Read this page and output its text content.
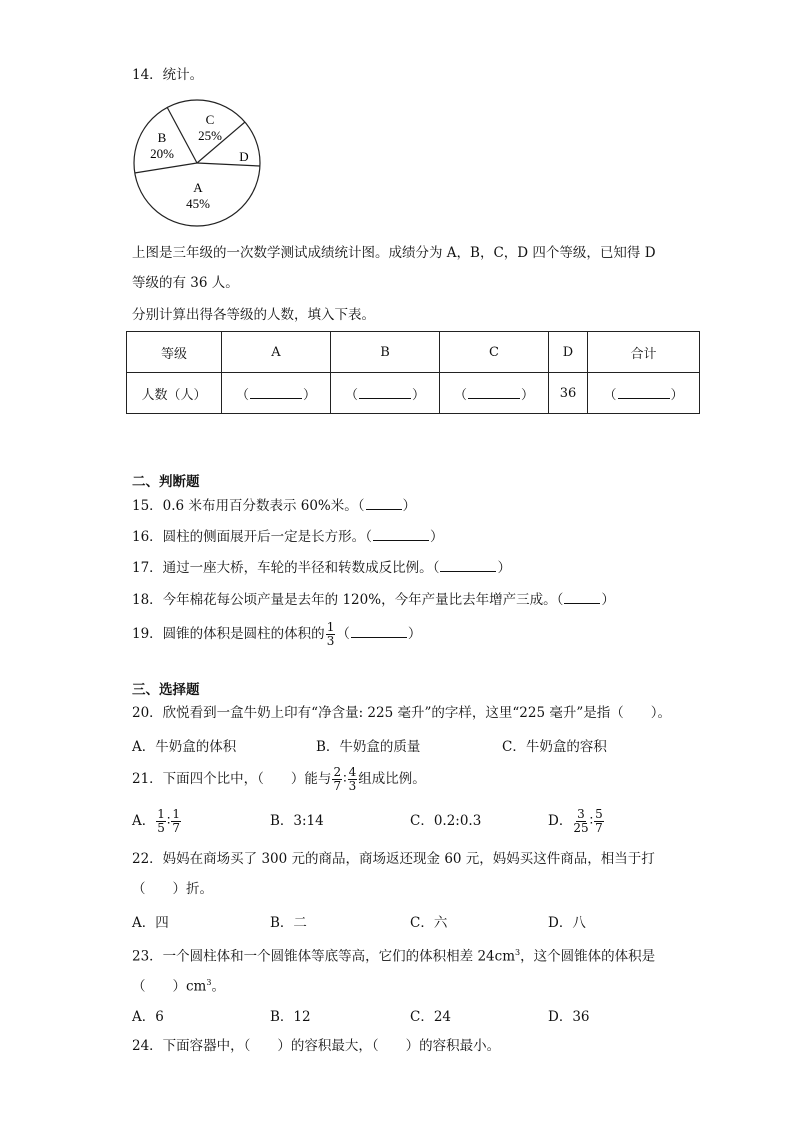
14．统计。
C
25%
B
20%	D
A
45%
上图是三年级的一次数学测试成绩统计图。成绩分为 A，B，C，D 四个等级，已知得 D
等级的有 36 人。
分别计算出得各等级的人数，填入下表。
等级	A	B	C	D	合计
人数（人）	（ ）	（ ）	（ ）	36	（ ）
二、判断题
15．0.6 米布用百分数表示 60%米。（	）
16．圆柱的侧面展开后一定是长方形。（	）
17．通过一座大桥，车轮的半径和转数成反比例。（	）
18．今年棉花每公顷产量是去年的 120%，今年产量比去年增产三成。（	）
19．圆锥的体积是圆柱的体积的 $\frac{1}{3}$ （	）
三、选择题
20．欣悦看到一盒牛奶上印有“净含量: 225 毫升”的字样，这里“225 毫升”是指（　　）。
A．牛奶盒的体积	B．牛奶盒的质量	C．牛奶盒的容积
21．下面四个比中，（　　）能与 $\frac{2}{7}$ ∶ $\frac{4}{3}$ 组成比例。
A． $\frac{1}{5}$ ∶ $\frac{1}{7}$	B．3:14	C．0.2:0.3	D． $\frac{3}{25}$ ∶ $\frac{5}{7}$
22．妈妈在商场买了 300 元的商品，商场返还现金 60 元，妈妈买这件商品，相当于打
（　　）折。
A．四	B．二	C．六	D．八
23．一个圆柱体和一个圆锥体等底等高，它们的体积相差 $24cm^3$，这个圆锥体的体积是
（　　）$cm^3$。
A．6	B．12	C．24	D．36
24．下面容器中，（　　）的容积最大，（　　）的容积最小。
